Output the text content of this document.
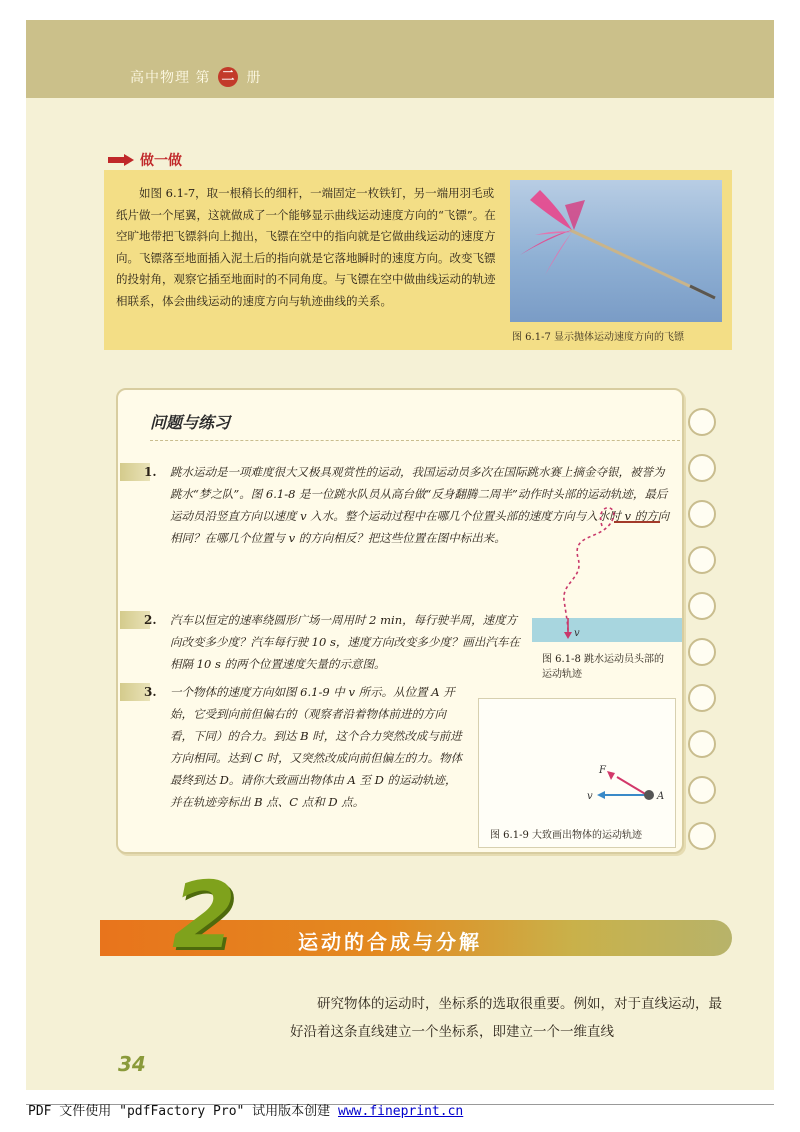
高中物理 第 二 册
做一做

如图 6.1-7，取一根稍长的细杆，一端固定一枚铁钉，另一端用羽毛或纸片做一个尾翼，这就做成了一个能够显示曲线运动速度方向的“飞镖”。在空旷地带把飞镖斜向上抛出，飞镖在空中的指向就是它做曲线运动的速度方向。飞镖落至地面插入泥土后的指向就是它落地瞬时的速度方向。改变飞镖的投射角，观察它插至地面时的不同角度。与飞镖在空中做曲线运动的轨迹相联系，体会曲线运动的速度方向与轨迹曲线的关系。

图 6.1-7 显示抛体运动速度方向的飞镖

问题与练习
1. 跳水运动是一项难度很大又极具观赏性的运动，我国运动员多次在国际跳水赛上摘金夺银，被誉为跳水“梦之队”。图 6.1-8 是一位跳水队员从高台做“反身翻腾二周半”动作时头部的运动轨迹，最后运动员沿竖直方向以速度 v 入水。整个运动过程中在哪几个位置头部的速度方向与入水时 v 的方向相同？在哪几个位置与 v 的方向相反？把这些位置在图中标出来。

2. 汽车以恒定的速率绕圆形广场一周用时 2 min，每行驶半周，速度方向改变多少度？汽车每行驶 10 s，速度方向改变多少度？画出汽车在相隔 10 s 的两个位置速度矢量的示意图。

3. 一个物体的速度方向如图 6.1-9 中 v 所示。从位置 A 开始，它受到向前但偏右的（观察者沿着物体前进的方向看，下同）的合力。到达 B 时，这个合力突然改成与前进方向相同。达到 C 时，又突然改成向前但偏左的力。物体最终到达 D。请你大致画出物体由 A 至 D 的运动轨迹，并在轨迹旁标出 B 点、C 点和 D 点。

v

图 6.1-8 跳水运动员头部的运动轨迹

F
v	A

图 6.1-9 大致画出物体的运动轨迹

2	运动的合成与分解

研究物体的运动时，坐标系的选取很重要。例如，对于直线运动，最好沿着这条直线建立一个坐标系，即建立一个一维直线

34
PDF 文件使用 "pdfFactory Pro" 试用版本创建 www.fineprint.cn
